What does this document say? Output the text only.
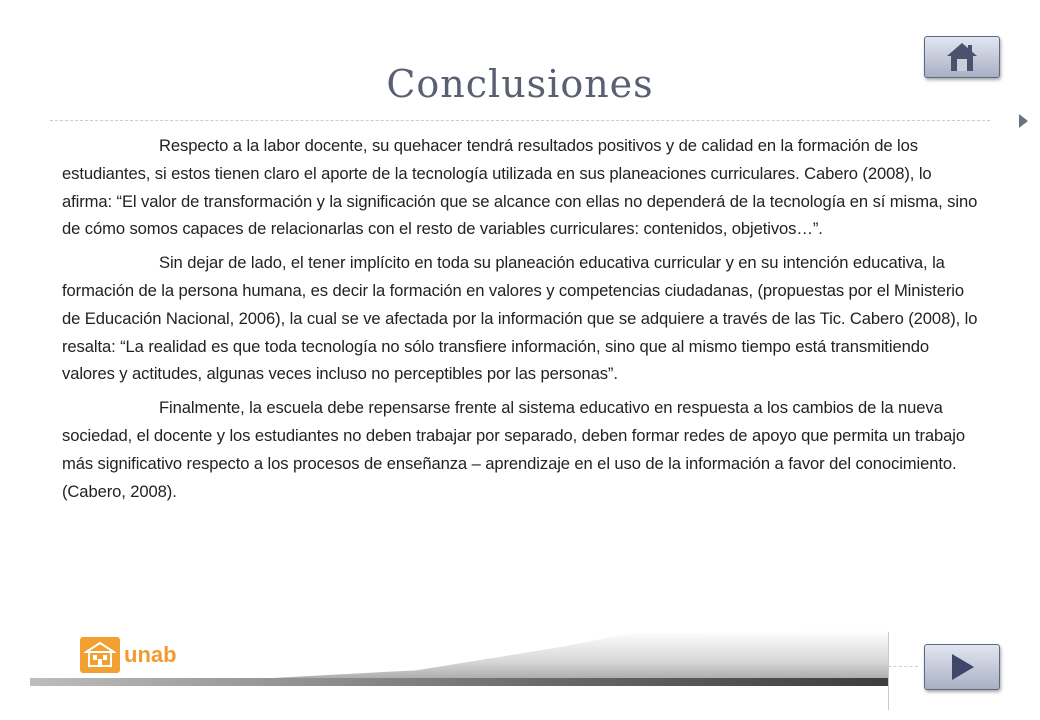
Conclusiones

Respecto a la labor docente, su quehacer tendrá resultados positivos y de calidad en la formación de los estudiantes, si estos tienen claro el aporte de la tecnología utilizada en sus planeaciones curriculares. Cabero (2008), lo afirma: “El valor de transformación y la significación que se alcance con ellas no dependerá de la tecnología en sí misma, sino de cómo somos capaces de relacionarlas con el resto de variables curriculares: contenidos, objetivos…”.

Sin dejar de lado, el tener implícito en toda su planeación educativa curricular y en su intención educativa, la formación de la persona humana, es decir la formación en valores y competencias ciudadanas, (propuestas por el Ministerio de Educación Nacional, 2006), la cual se ve afectada por la información que se adquiere a través de las Tic. Cabero (2008), lo resalta: “La realidad es que toda tecnología no sólo transfiere información, sino que al mismo tiempo está transmitiendo valores y actitudes, algunas veces incluso no perceptibles por las personas”.

Finalmente, la escuela debe repensarse frente al sistema educativo en respuesta a los cambios de la nueva sociedad, el docente y los estudiantes no deben trabajar por separado, deben formar redes de apoyo que permita un trabajo más significativo respecto a los procesos de enseñanza – aprendizaje en el uso de la información a favor del conocimiento. (Cabero, 2008).

unab
